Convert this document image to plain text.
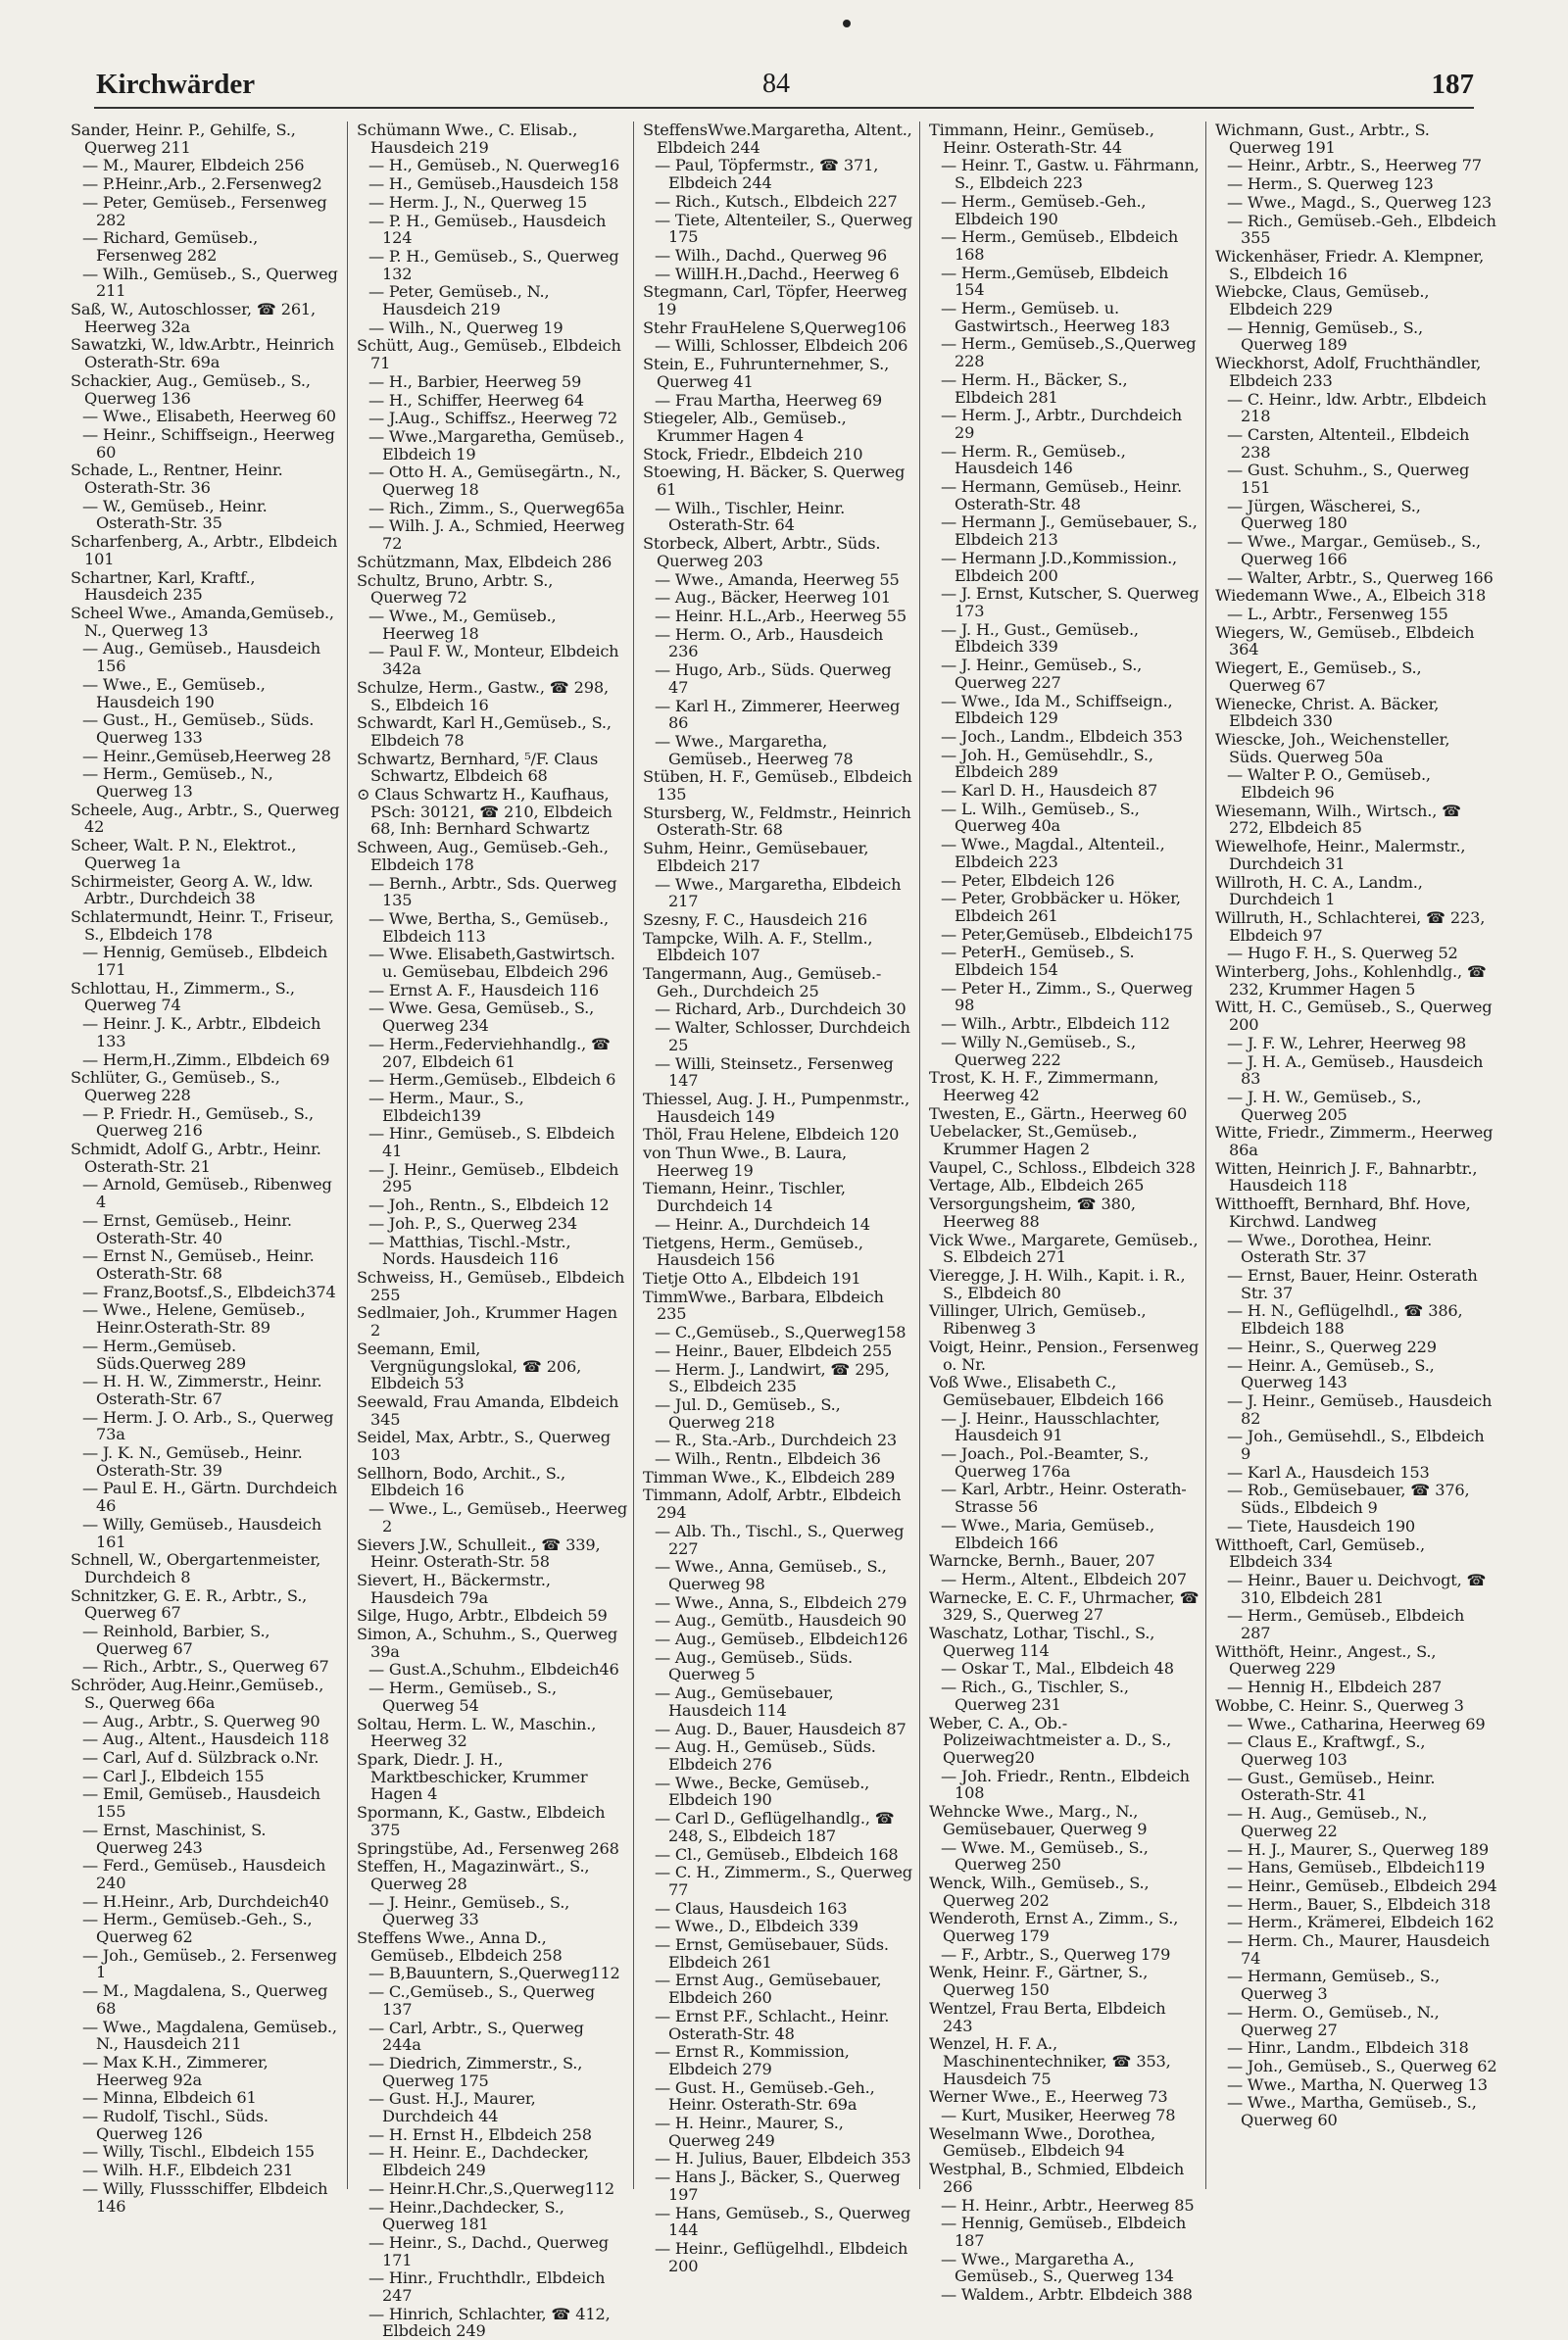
Kirchwärder	84	187
Sander, Heinr. P., Gehilfe, S., Querweg 211
— M., Maurer, Elbdeich 256
— P.Heinr.,Arb., 2.Fersenweg2
— Peter, Gemüseb., Fersenweg 282
— Richard, Gemüseb., Fersenweg 282
— Wilh., Gemüseb., S., Querweg 211
Saß, W., Autoschlosser, ☎ 261, Heerweg 32a
Sawatzki, W., ldw.Arbtr., Heinrich Osterath-Str. 69a
Schackier, Aug., Gemüseb., S., Querweg 136
— Wwe., Elisabeth, Heerweg 60
— Heinr., Schiffseign., Heerweg 60
Schade, L., Rentner, Heinr. Osterath-Str. 36
— W., Gemüseb., Heinr. Osterath-Str. 35
Scharfenberg, A., Arbtr., Elbdeich 101
Schartner, Karl, Kraftf., Hausdeich 235
Scheel Wwe., Amanda,Gemüseb., N., Querweg 13
— Aug., Gemüseb., Hausdeich 156
— Wwe., E., Gemüseb., Hausdeich 190
— Gust., H., Gemüseb., Süds. Querweg 133
— Heinr.,Gemüseb,Heerweg 28
— Herm., Gemüseb., N., Querweg 13
Scheele, Aug., Arbtr., S., Querweg 42
Scheer, Walt. P. N., Elektrot., Querweg 1a
Schirmeister, Georg A. W., ldw. Arbtr., Durchdeich 38
Schlatermundt, Heinr. T., Friseur, S., Elbdeich 178
— Hennig, Gemüseb., Elbdeich 171
Schlottau, H., Zimmerm., S., Querweg 74
— Heinr. J. K., Arbtr., Elbdeich 133
— Herm,H.,Zimm., Elbdeich 69
Schlüter, G., Gemüseb., S., Querweg 228
— P. Friedr. H., Gemüseb., S., Querweg 216
Schmidt, Adolf G., Arbtr., Heinr. Osterath-Str. 21
— Arnold, Gemüseb., Ribenweg 4
— Ernst, Gemüseb., Heinr. Osterath-Str. 40
— Ernst N., Gemüseb., Heinr. Osterath-Str. 68
— Franz,Bootsf.,S., Elbdeich374
— Wwe., Helene, Gemüseb., Heinr.Osterath-Str. 89
— Herm.,Gemüseb. Süds.Querweg 289
— H. H. W., Zimmerstr., Heinr. Osterath-Str. 67
— Herm. J. O. Arb., S., Querweg 73a
— J. K. N., Gemüseb., Heinr. Osterath-Str. 39
— Paul E. H., Gärtn. Durchdeich 46
— Willy, Gemüseb., Hausdeich 161
Schnell, W., Obergartenmeister, Durchdeich 8
Schnitzker, G. E. R., Arbtr., S., Querweg 67
— Reinhold, Barbier, S., Querweg 67
— Rich., Arbtr., S., Querweg 67
Schröder, Aug.Heinr.,Gemüseb., S., Querweg 66a
— Aug., Arbtr., S. Querweg 90
— Aug., Altent., Hausdeich 118
— Carl, Auf d. Sülzbrack o.Nr.
— Carl J., Elbdeich 155
— Emil, Gemüseb., Hausdeich 155
— Ernst, Maschinist, S. Querweg 243
— Ferd., Gemüseb., Hausdeich 240
— H.Heinr., Arb, Durchdeich40
— Herm., Gemüseb.-Geh., S., Querweg 62
— Joh., Gemüseb., 2. Fersenweg 1
— M., Magdalena, S., Querweg 68
— Wwe., Magdalena, Gemüseb., N., Hausdeich 211
— Max K.H., Zimmerer, Heerweg 92a
— Minna, Elbdeich 61
— Rudolf, Tischl., Süds. Querweg 126
— Willy, Tischl., Elbdeich 155
— Wilh. H.F., Elbdeich 231
— Willy, Flussschiffer, Elbdeich 146
Schümann Wwe., C. Elisab., Hausdeich 219
— H., Gemüseb., N. Querweg16
— H., Gemüseb.,Hausdeich 158
— Herm. J., N., Querweg 15
— P. H., Gemüseb., Hausdeich 124
— P. H., Gemüseb., S., Querweg 132
— Peter, Gemüseb., N., Hausdeich 219
— Wilh., N., Querweg 19
Schütt, Aug., Gemüseb., Elbdeich 71
— H., Barbier, Heerweg 59
— H., Schiffer, Heerweg 64
— J.Aug., Schiffsz., Heerweg 72
— Wwe.,Margaretha, Gemüseb., Elbdeich 19
— Otto H. A., Gemüsegärtn., N., Querweg 18
— Rich., Zimm., S., Querweg65a
— Wilh. J. A., Schmied, Heerweg 72
Schützmann, Max, Elbdeich 286
Schultz, Bruno, Arbtr. S., Querweg 72
— Wwe., M., Gemüseb., Heerweg 18
— Paul F. W., Monteur, Elbdeich 342a
Schulze, Herm., Gastw., ☎ 298, S., Elbdeich 16
Schwardt, Karl H.,Gemüseb., S., Elbdeich 78
Schwartz, Bernhard, ⁵/F. Claus Schwartz, Elbdeich 68
⊙ Claus Schwartz H., Kaufhaus, PSch: 30121, ☎ 210, Elbdeich 68, Inh: Bernhard Schwartz
Schween, Aug., Gemüseb.-Geh., Elbdeich 178
— Bernh., Arbtr., Sds. Querweg 135
— Wwe, Bertha, S., Gemüseb., Elbdeich 113
— Wwe. Elisabeth,Gastwirtsch. u. Gemüsebau, Elbdeich 296
— Ernst A. F., Hausdeich 116
— Wwe. Gesa, Gemüseb., S., Querweg 234
— Herm.,Federviehhandlg., ☎ 207, Elbdeich 61
— Herm.,Gemüseb., Elbdeich 6
— Herm., Maur., S., Elbdeich139
— Hinr., Gemüseb., S. Elbdeich 41
— J. Heinr., Gemüseb., Elbdeich 295
— Joh., Rentn., S., Elbdeich 12
— Joh. P., S., Querweg 234
— Matthias, Tischl.-Mstr., Nords. Hausdeich 116
Schweiss, H., Gemüseb., Elbdeich 255
Sedlmaier, Joh., Krummer Hagen 2
Seemann, Emil, Vergnügungslokal, ☎ 206, Elbdeich 53
Seewald, Frau Amanda, Elbdeich 345
Seidel, Max, Arbtr., S., Querweg 103
Sellhorn, Bodo, Archit., S., Elbdeich 16
— Wwe., L., Gemüseb., Heerweg 2
Sievers J.W., Schulleit., ☎ 339, Heinr. Osterath-Str. 58
Sievert, H., Bäckermstr., Hausdeich 79a
Silge, Hugo, Arbtr., Elbdeich 59
Simon, A., Schuhm., S., Querweg 39a
— Gust.A.,Schuhm., Elbdeich46
— Herm., Gemüseb., S., Querweg 54
Soltau, Herm. L. W., Maschin., Heerweg 32
Spark, Diedr. J. H., Marktbeschicker, Krummer Hagen 4
Spormann, K., Gastw., Elbdeich 375
Springstübe, Ad., Fersenweg 268
Steffen, H., Magazinwärt., S., Querweg 28
— J. Heinr., Gemüseb., S., Querweg 33
Steffens Wwe., Anna D., Gemüseb., Elbdeich 258
— B,Bauuntern, S.,Querweg112
— C.,Gemüseb., S., Querweg 137
— Carl, Arbtr., S., Querweg 244a
— Diedrich, Zimmerstr., S., Querweg 175
— Gust. H.J., Maurer, Durchdeich 44
— H. Ernst H., Elbdeich 258
— H. Heinr. E., Dachdecker, Elbdeich 249
— Heinr.H.Chr.,S.,Querweg112
— Heinr.,Dachdecker, S., Querweg 181
— Heinr., S., Dachd., Querweg 171
— Hinr., Fruchthdlr., Elbdeich 247
— Hinrich, Schlachter, ☎ 412, Elbdeich 249
SteffensWwe.Margaretha, Altent., Elbdeich 244
— Paul, Töpfermstr., ☎ 371, Elbdeich 244
— Rich., Kutsch., Elbdeich 227
— Tiete, Altenteiler, S., Querweg 175
— Wilh., Dachd., Querweg 96
— WillH.H.,Dachd., Heerweg 6
Stegmann, Carl, Töpfer, Heerweg 19
Stehr FrauHelene S,Querweg106
— Willi, Schlosser, Elbdeich 206
Stein, E., Fuhrunternehmer, S., Querweg 41
— Frau Martha, Heerweg 69
Stiegeler, Alb., Gemüseb., Krummer Hagen 4
Stock, Friedr., Elbdeich 210
Stoewing, H. Bäcker, S. Querweg 61
— Wilh., Tischler, Heinr. Osterath-Str. 64
Storbeck, Albert, Arbtr., Süds. Querweg 203
— Wwe., Amanda, Heerweg 55
— Aug., Bäcker, Heerweg 101
— Heinr. H.L.,Arb., Heerweg 55
— Herm. O., Arb., Hausdeich 236
— Hugo, Arb., Süds. Querweg 47
— Karl H., Zimmerer, Heerweg 86
— Wwe., Margaretha, Gemüseb., Heerweg 78
Stüben, H. F., Gemüseb., Elbdeich 135
Stursberg, W., Feldmstr., Heinrich Osterath-Str. 68
Suhm, Heinr., Gemüsebauer, Elbdeich 217
— Wwe., Margaretha, Elbdeich 217
Szesny, F. C., Hausdeich 216
Tampcke, Wilh. A. F., Stellm., Elbdeich 107
Tangermann, Aug., Gemüseb.-Geh., Durchdeich 25
— Richard, Arb., Durchdeich 30
— Walter, Schlosser, Durchdeich 25
— Willi, Steinsetz., Fersenweg 147
Thiessel, Aug. J. H., Pumpenmstr., Hausdeich 149
Thöl, Frau Helene, Elbdeich 120
von Thun Wwe., B. Laura, Heerweg 19
Tiemann, Heinr., Tischler, Durchdeich 14
— Heinr. A., Durchdeich 14
Tietgens, Herm., Gemüseb., Hausdeich 156
Tietje Otto A., Elbdeich 191
TimmWwe., Barbara, Elbdeich 235
— C.,Gemüseb., S.,Querweg158
— Heinr., Bauer, Elbdeich 255
— Herm. J., Landwirt, ☎ 295, S., Elbdeich 235
— Jul. D., Gemüseb., S., Querweg 218
— R., Sta.-Arb., Durchdeich 23
— Wilh., Rentn., Elbdeich 36
Timman Wwe., K., Elbdeich 289
Timmann, Adolf, Arbtr., Elbdeich 294
— Alb. Th., Tischl., S., Querweg 227
— Wwe., Anna, Gemüseb., S., Querweg 98
— Wwe., Anna, S., Elbdeich 279
— Aug., Gemütb., Hausdeich 90
— Aug., Gemüseb., Elbdeich126
— Aug., Gemüseb., Süds. Querweg 5
— Aug., Gemüsebauer, Hausdeich 114
— Aug. D., Bauer, Hausdeich 87
— Aug. H., Gemüseb., Süds. Elbdeich 276
— Wwe., Becke, Gemüseb., Elbdeich 190
— Carl D., Geflügelhandlg., ☎ 248, S., Elbdeich 187
— Cl., Gemüseb., Elbdeich 168
— C. H., Zimmerm., S., Querweg 77
— Claus, Hausdeich 163
— Wwe., D., Elbdeich 339
— Ernst, Gemüsebauer, Süds. Elbdeich 261
— Ernst Aug., Gemüsebauer, Elbdeich 260
— Ernst P.F., Schlacht., Heinr. Osterath-Str. 48
— Ernst R., Kommission, Elbdeich 279
— Gust. H., Gemüseb.-Geh., Heinr. Osterath-Str. 69a
— H. Heinr., Maurer, S., Querweg 249
— H. Julius, Bauer, Elbdeich 353
— Hans J., Bäcker, S., Querweg 197
— Hans, Gemüseb., S., Querweg 144
— Heinr., Geflügelhdl., Elbdeich 200
Timmann, Heinr., Gemüseb., Heinr. Osterath-Str. 44
— Heinr. T., Gastw. u. Fährmann, S., Elbdeich 223
— Herm., Gemüseb.-Geh., Elbdeich 190
— Herm., Gemüseb., Elbdeich 168
— Herm.,Gemüseb, Elbdeich 154
— Herm., Gemüseb. u. Gastwirtsch., Heerweg 183
— Herm., Gemüseb.,S.,Querweg 228
— Herm. H., Bäcker, S., Elbdeich 281
— Herm. J., Arbtr., Durchdeich 29
— Herm. R., Gemüseb., Hausdeich 146
— Hermann, Gemüseb., Heinr. Osterath-Str. 48
— Hermann J., Gemüsebauer, S., Elbdeich 213
— Hermann J.D.,Kommission., Elbdeich 200
— J. Ernst, Kutscher, S. Querweg 173
— J. H., Gust., Gemüseb., Elbdeich 339
— J. Heinr., Gemüseb., S., Querweg 227
— Wwe., Ida M., Schiffseign., Elbdeich 129
— Joch., Landm., Elbdeich 353
— Joh. H., Gemüsehdlr., S., Elbdeich 289
— Karl D. H., Hausdeich 87
— L. Wilh., Gemüseb., S., Querweg 40a
— Wwe., Magdal., Altenteil., Elbdeich 223
— Peter, Elbdeich 126
— Peter, Grobbäcker u. Höker, Elbdeich 261
— Peter,Gemüseb., Elbdeich175
— PeterH., Gemüseb., S. Elbdeich 154
— Peter H., Zimm., S., Querweg 98
— Wilh., Arbtr., Elbdeich 112
— Willy N.,Gemüseb., S., Querweg 222
Trost, K. H. F., Zimmermann, Heerweg 42
Twesten, E., Gärtn., Heerweg 60
Uebelacker, St.,Gemüseb., Krummer Hagen 2
Vaupel, C., Schloss., Elbdeich 328
Vertage, Alb., Elbdeich 265
Versorgungsheim, ☎ 380, Heerweg 88
Vick Wwe., Margarete, Gemüseb., S. Elbdeich 271
Vieregge, J. H. Wilh., Kapit. i. R., S., Elbdeich 80
Villinger, Ulrich, Gemüseb., Ribenweg 3
Voigt, Heinr., Pension., Fersenweg o. Nr.
Voß Wwe., Elisabeth C., Gemüsebauer, Elbdeich 166
— J. Heinr., Hausschlachter, Hausdeich 91
— Joach., Pol.-Beamter, S., Querweg 176a
— Karl, Arbtr., Heinr. Osterath-Strasse 56
— Wwe., Maria, Gemüseb., Elbdeich 166
Warncke, Bernh., Bauer, 207
— Herm., Altent., Elbdeich 207
Warnecke, E. C. F., Uhrmacher, ☎ 329, S., Querweg 27
Waschatz, Lothar, Tischl., S., Querweg 114
— Oskar T., Mal., Elbdeich 48
— Rich., G., Tischler, S., Querweg 231
Weber, C. A., Ob.-Polizeiwachtmeister a. D., S., Querweg20
— Joh. Friedr., Rentn., Elbdeich 108
Wehncke Wwe., Marg., N., Gemüsebauer, Querweg 9
— Wwe. M., Gemüseb., S., Querweg 250
Wenck, Wilh., Gemüseb., S., Querweg 202
Wenderoth, Ernst A., Zimm., S., Querweg 179
— F., Arbtr., S., Querweg 179
Wenk, Heinr. F., Gärtner, S., Querweg 150
Wentzel, Frau Berta, Elbdeich 243
Wenzel, H. F. A., Maschinentechniker, ☎ 353, Hausdeich 75
Werner Wwe., E., Heerweg 73
— Kurt, Musiker, Heerweg 78
Weselmann Wwe., Dorothea, Gemüseb., Elbdeich 94
Westphal, B., Schmied, Elbdeich 266
— H. Heinr., Arbtr., Heerweg 85
— Hennig, Gemüseb., Elbdeich 187
— Wwe., Margaretha A., Gemüseb., S., Querweg 134
— Waldem., Arbtr. Elbdeich 388
Wichmann, Gust., Arbtr., S. Querweg 191
— Heinr., Arbtr., S., Heerweg 77
— Herm., S. Querweg 123
— Wwe., Magd., S., Querweg 123
— Rich., Gemüseb.-Geh., Elbdeich 355
Wickenhäser, Friedr. A. Klempner, S., Elbdeich 16
Wiebcke, Claus, Gemüseb., Elbdeich 229
— Hennig, Gemüseb., S., Querweg 189
Wieckhorst, Adolf, Fruchthändler, Elbdeich 233
— C. Heinr., ldw. Arbtr., Elbdeich 218
— Carsten, Altenteil., Elbdeich 238
— Gust. Schuhm., S., Querweg 151
— Jürgen, Wäscherei, S., Querweg 180
— Wwe., Margar., Gemüseb., S., Querweg 166
— Walter, Arbtr., S., Querweg 166
Wiedemann Wwe., A., Elbeich 318
— L., Arbtr., Fersenweg 155
Wiegers, W., Gemüseb., Elbdeich 364
Wiegert, E., Gemüseb., S., Querweg 67
Wienecke, Christ. A. Bäcker, Elbdeich 330
Wiescke, Joh., Weichensteller, Süds. Querweg 50a
— Walter P. O., Gemüseb., Elbdeich 96
Wiesemann, Wilh., Wirtsch., ☎ 272, Elbdeich 85
Wiewelhofe, Heinr., Malermstr., Durchdeich 31
Willroth, H. C. A., Landm., Durchdeich 1
Willruth, H., Schlachterei, ☎ 223, Elbdeich 97
— Hugo F. H., S. Querweg 52
Winterberg, Johs., Kohlenhdlg., ☎ 232, Krummer Hagen 5
Witt, H. C., Gemüseb., S., Querweg 200
— J. F. W., Lehrer, Heerweg 98
— J. H. A., Gemüseb., Hausdeich 83
— J. H. W., Gemüseb., S., Querweg 205
Witte, Friedr., Zimmerm., Heerweg 86a
Witten, Heinrich J. F., Bahnarbtr., Hausdeich 118
Witthoefft, Bernhard, Bhf. Hove, Kirchwd. Landweg
— Wwe., Dorothea, Heinr. Osterath Str. 37
— Ernst, Bauer, Heinr. Osterath Str. 37
— H. N., Geflügelhdl., ☎ 386, Elbdeich 188
— Heinr., S., Querweg 229
— Heinr. A., Gemüseb., S., Querweg 143
— J. Heinr., Gemüseb., Hausdeich 82
— Joh., Gemüsehdl., S., Elbdeich 9
— Karl A., Hausdeich 153
— Rob., Gemüsebauer, ☎ 376, Süds., Elbdeich 9
— Tiete, Hausdeich 190
Witthoeft, Carl, Gemüseb., Elbdeich 334
— Heinr., Bauer u. Deichvogt, ☎ 310, Elbdeich 281
— Herm., Gemüseb., Elbdeich 287
Witthöft, Heinr., Angest., S., Querweg 229
— Hennig H., Elbdeich 287
Wobbe, C. Heinr. S., Querweg 3
— Wwe., Catharina, Heerweg 69
— Claus E., Kraftwgf., S., Querweg 103
— Gust., Gemüseb., Heinr. Osterath-Str. 41
— H. Aug., Gemüseb., N., Querweg 22
— H. J., Maurer, S., Querweg 189
— Hans, Gemüseb., Elbdeich119
— Heinr., Gemüseb., Elbdeich 294
— Herm., Bauer, S., Elbdeich 318
— Herm., Krämerei, Elbdeich 162
— Herm. Ch., Maurer, Hausdeich 74
— Hermann, Gemüseb., S., Querweg 3
— Herm. O., Gemüseb., N., Querweg 27
— Hinr., Landm., Elbdeich 318
— Joh., Gemüseb., S., Querweg 62
— Wwe., Martha, N. Querweg 13
— Wwe., Martha, Gemüseb., S., Querweg 60
